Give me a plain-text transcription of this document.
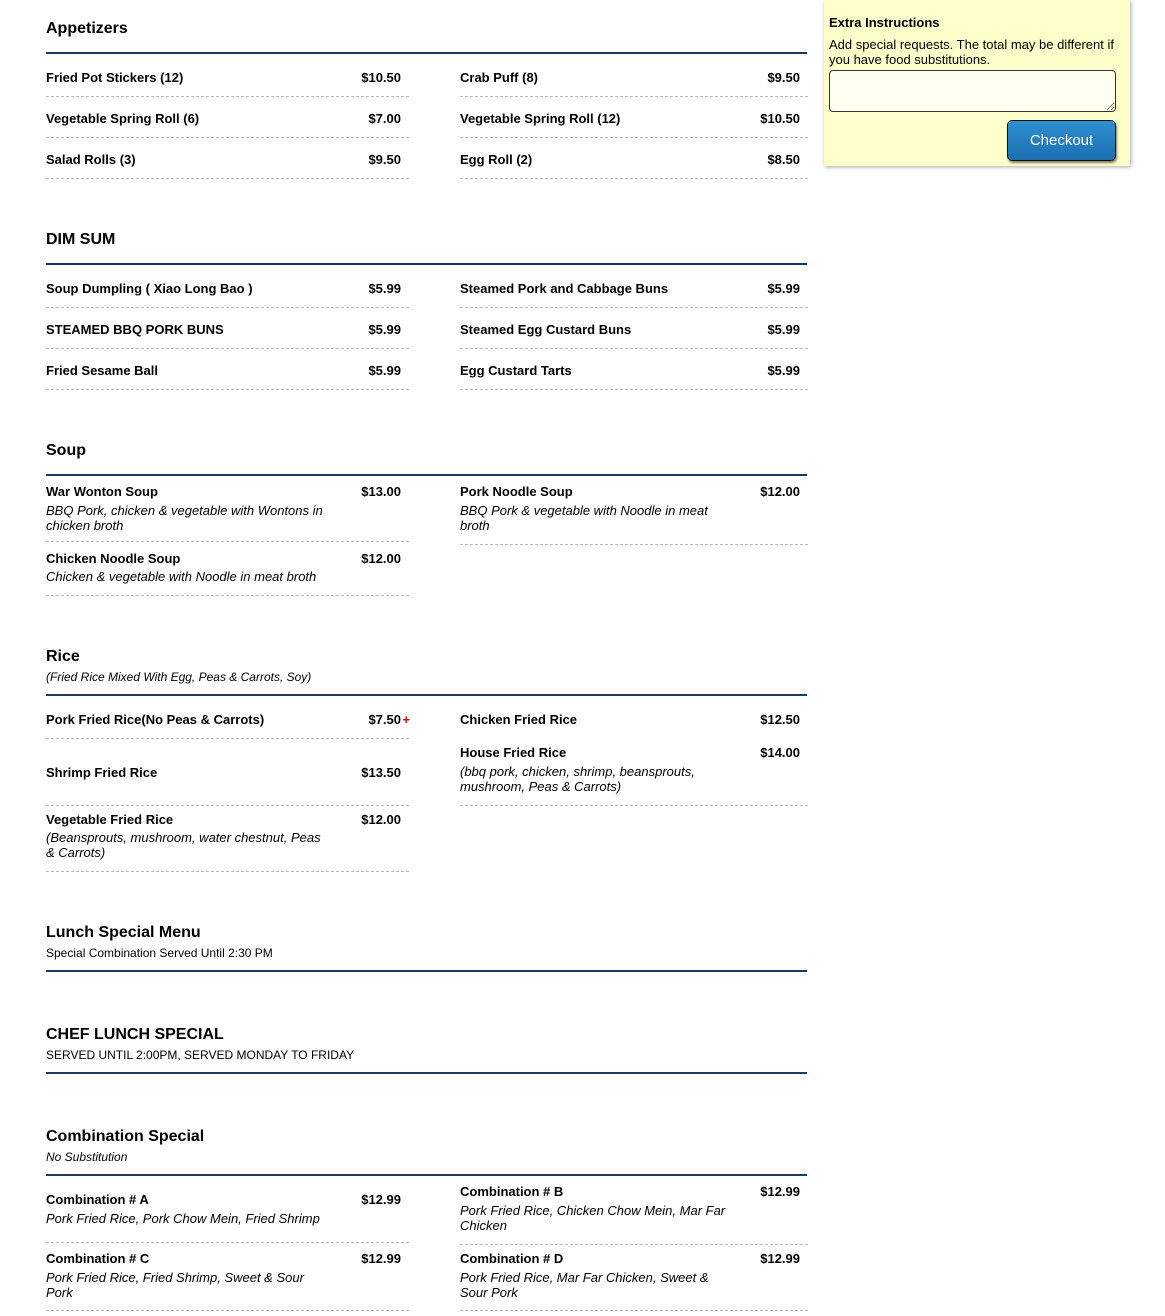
Appetizers
Fried Pot Stickers (12)	$10.50	Crab Puff (8)	$9.50
Vegetable Spring Roll (6)	$7.00	Vegetable Spring Roll (12)	$10.50
Salad Rolls (3)	$9.50	Egg Roll (2)	$8.50
DIM SUM
Soup Dumpling ( Xiao Long Bao )	$5.99	Steamed Pork and Cabbage Buns	$5.99
STEAMED BBQ PORK BUNS	$5.99	Steamed Egg Custard Buns	$5.99
Fried Sesame Ball	$5.99	Egg Custard Tarts	$5.99
Soup
War Wonton Soup	$13.00
BBQ Pork, chicken & vegetable with Wontons in chicken broth
Pork Noodle Soup	$12.00
BBQ Pork & vegetable with Noodle in meat broth
Chicken Noodle Soup	$12.00
Chicken & vegetable with Noodle in meat broth
Rice
(Fried Rice Mixed With Egg, Peas & Carrots, Soy)
Pork Fried Rice(No Peas & Carrots)	$7.50 +	Chicken Fried Rice	$12.50
Shrimp Fried Rice	$13.50
House Fried Rice	$14.00
(bbq pork, chicken, shrimp, beansprouts, mushroom, Peas & Carrots)
Vegetable Fried Rice	$12.00
(Beansprouts, mushroom, water chestnut, Peas & Carrots)
Lunch Special Menu
Special Combination Served Until 2:30 PM
CHEF LUNCH SPECIAL
SERVED UNTIL 2:00PM, SERVED MONDAY TO FRIDAY
Combination Special
No Substitution
Combination # A	$12.99
Pork Fried Rice, Pork Chow Mein, Fried Shrimp
Combination # B	$12.99
Pork Fried Rice, Chicken Chow Mein, Mar Far Chicken
Combination # C	$12.99
Pork Fried Rice, Fried Shrimp, Sweet & Sour Pork
Combination # D	$12.99
Pork Fried Rice, Mar Far Chicken, Sweet & Sour Pork
Extra Instructions
Add special requests. The total may be different if you have food substitutions.
Checkout
